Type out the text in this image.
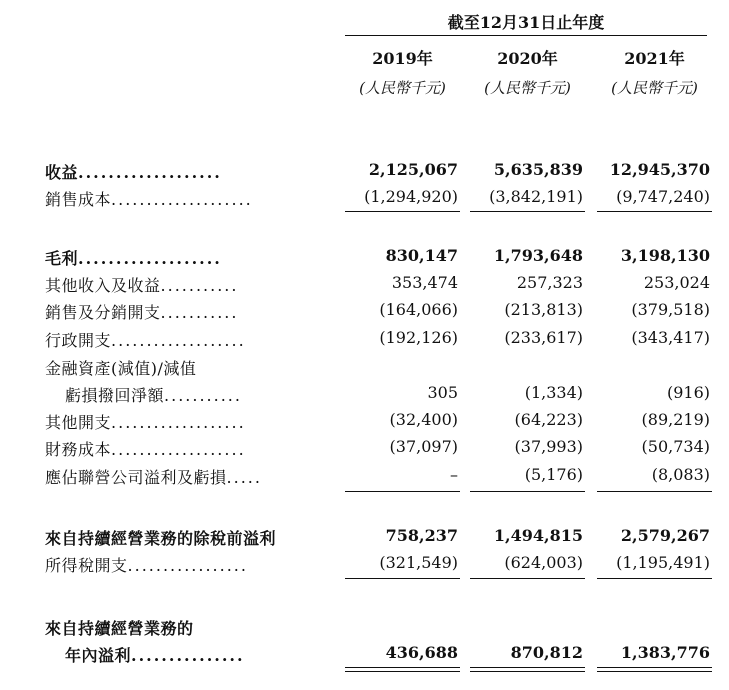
截至12月31日止年度
2019年	2020年	2021年
(人民幣千元)	(人民幣千元)	(人民幣千元)
收益...................	2,125,067	5,635,839	12,945,370
銷售成本....................	(1,294,920)	(3,842,191)	(9,747,240)
毛利...................	830,147	1,793,648	3,198,130
其他收入及收益...........	353,474	257,323	253,024
銷售及分銷開支...........	(164,066)	(213,813)	(379,518)
行政開支...................	(192,126)	(233,617)	(343,417)
金融資產(減值)/減值
虧損撥回淨額...........	305	(1,334)	(916)
其他開支...................	(32,400)	(64,223)	(89,219)
財務成本...................	(37,097)	(37,993)	(50,734)
應佔聯營公司溢利及虧損.....	–	(5,176)	(8,083)
來自持續經營業務的除稅前溢利	758,237	1,494,815	2,579,267
所得稅開支.................	(321,549)	(624,003)	(1,195,491)
來自持續經營業務的
年內溢利...............	436,688	870,812	1,383,776
